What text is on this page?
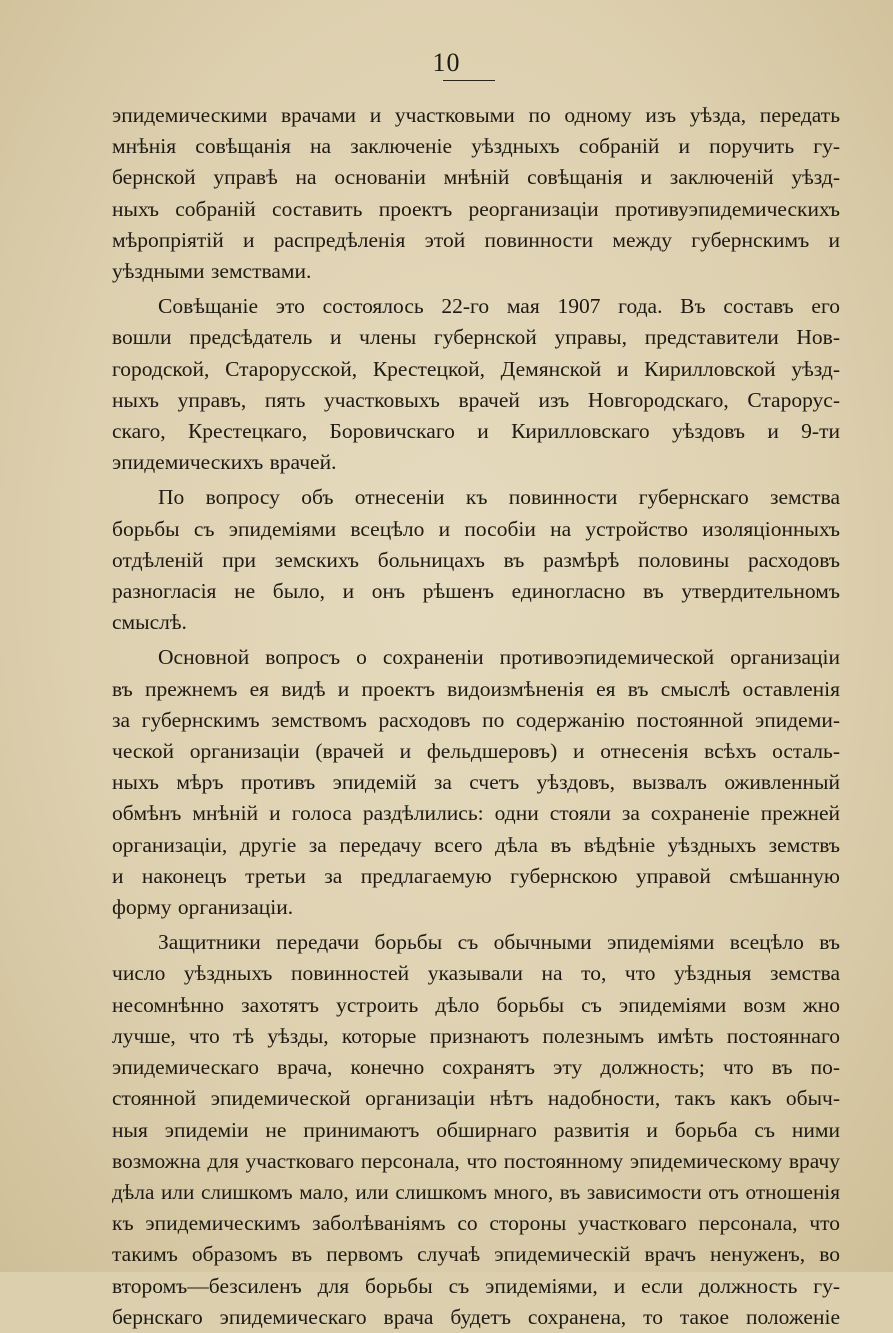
10
эпидемическими врачами и участковыми по одному изъ уѣзда, передать
мнѣнія совѣщанія на заключеніе уѣздныхъ собраній и поручить гу-
бернской управѣ на основаніи мнѣній совѣщанія и заключеній уѣзд-
ныхъ собраній составить проектъ реорганизаціи противуэпидемическихъ
мѣропріятій и распредѣленія этой повинности между губернскимъ и
уѣздными земствами.
Совѣщаніе это состоялось 22-го мая 1907 года. Въ составъ его
вошли предсѣдатель и члены губернской управы, представители Нов-
городской, Старорусской, Крестецкой, Демянской и Кирилловской уѣзд-
ныхъ управъ, пять участковыхъ врачей изъ Новгородскаго, Старорус-
скаго, Крестецкаго, Боровичскаго и Кирилловскаго уѣздовъ и 9-ти
эпидемическихъ врачей.
По вопросу объ отнесеніи къ повинности губернскаго земства
борьбы съ эпидеміями всецѣло и пособіи на устройство изоляціонныхъ
отдѣленій при земскихъ больницахъ въ размѣрѣ половины расходовъ
разногласія не было, и онъ рѣшенъ единогласно въ утвердительномъ
смыслѣ.
Основной вопросъ о сохраненіи противоэпидемической организаціи
въ прежнемъ ея видѣ и проектъ видоизмѣненія ея въ смыслѣ оставленія
за губернскимъ земствомъ расходовъ по содержанію постоянной эпидеми-
ческой организаціи (врачей и фельдшеровъ) и отнесенія всѣхъ осталь-
ныхъ мѣръ противъ эпидемій за счетъ уѣздовъ, вызвалъ оживленный
обмѣнъ мнѣній и голоса раздѣлились: одни стояли за сохраненіе прежней
организаціи, другіе за передачу всего дѣла въ вѣдѣніе уѣздныхъ земствъ
и наконецъ третьи за предлагаемую губернскою управой смѣшанную
форму организаціи.
Защитники передачи борьбы съ обычными эпидеміями всецѣло въ
число уѣздныхъ повинностей указывали на то, что уѣздныя земства
несомнѣнно захотятъ устроить дѣло борьбы съ эпидеміями возм жно
лучше, что тѣ уѣзды, которые признаютъ полезнымъ имѣть постояннаго
эпидемическаго врача, конечно сохранятъ эту должность; что въ по-
стоянной эпидемической организаціи нѣтъ надобности, такъ какъ обыч-
ныя эпидеміи не принимаютъ обширнаго развитія и борьба съ ними
возможна для участковаго персонала, что постоянному эпидемическому врачу
дѣла или слишкомъ мало, или слишкомъ много, въ зависимости отъ отношенія
къ эпидемическимъ заболѣваніямъ со стороны участковаго персонала, что
такимъ образомъ въ первомъ случаѣ эпидемическій врачъ ненуженъ, во
второмъ—безсиленъ для борьбы съ эпидеміями, и если должность гу-
бернскаго эпидемическаго врача будетъ сохранена, то такое положеніе
